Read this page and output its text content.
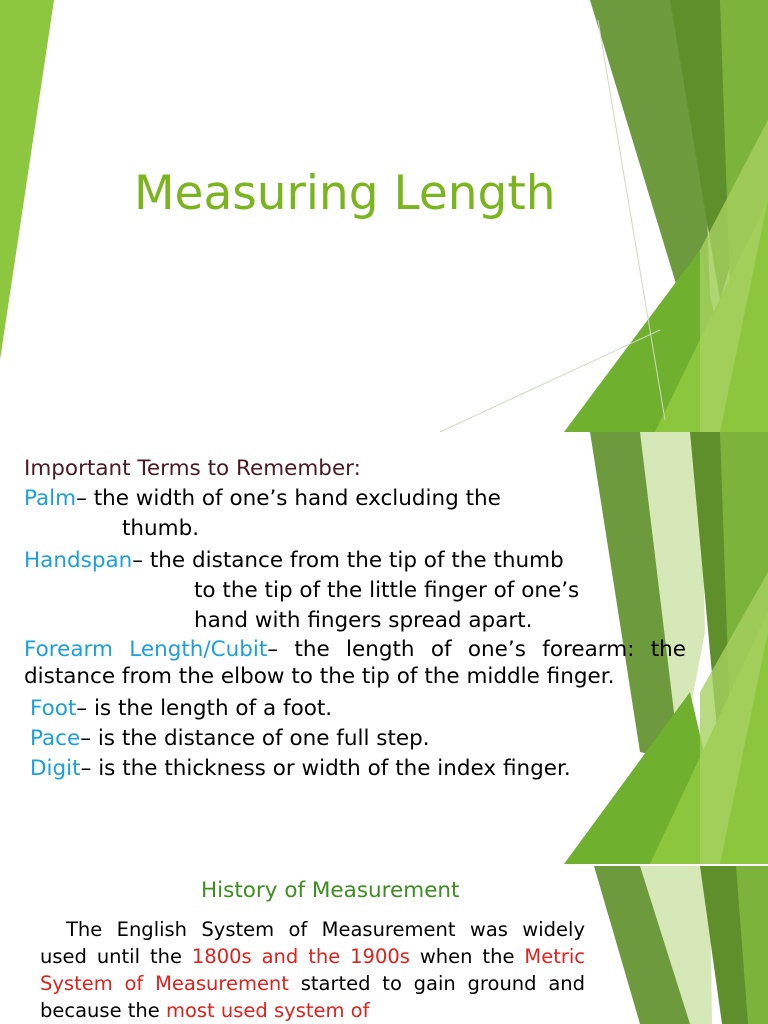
Measuring Length
Important Terms to Remember:
Palm– the width of one’s hand excluding the
thumb.
Handspan– the distance from the tip of the thumb
to the tip of the little finger of one’s
hand with fingers spread apart.
Forearm Length/Cubit– the length of one’s forearm: the distance from the elbow to the tip of the middle finger.
Foot– is the length of a foot.
Pace– is the distance of one full step.
Digit– is the thickness or width of the index finger.
History of Measurement
The English System of Measurement was widely used until the 1800s and the 1900s when the Metric System of Measurement started to gain ground and because the most used system of
